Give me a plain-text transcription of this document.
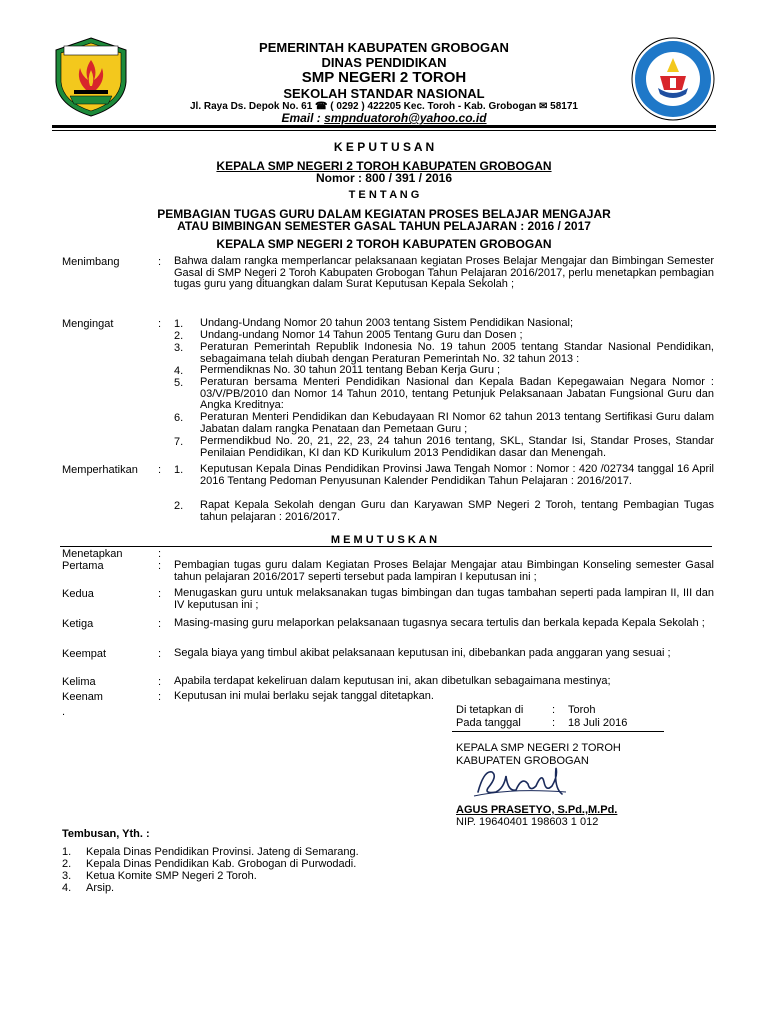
PEMERINTAH KABUPATEN GROBOGAN
DINAS PENDIDIKAN
SMP NEGERI 2 TOROH
SEKOLAH STANDAR NASIONAL
Jl. Raya Ds. Depok No. 61 ☎ ( 0292 ) 422205 Kec. Toroh - Kab. Grobogan ✉ 58171
Email : smpnduatoroh@yahoo.co.id
K E P U T U S A N
KEPALA SMP NEGERI 2 TOROH KABUPATEN GROBOGAN
Nomor : 800 / 391 / 2016
T E N T A N G
PEMBAGIAN TUGAS GURU DALAM KEGIATAN PROSES BELAJAR MENGAJAR
ATAU BIMBINGAN SEMESTER GASAL TAHUN PELAJARAN : 2016 / 2017
KEPALA SMP NEGERI 2 TOROH KABUPATEN GROBOGAN
Menimbang	: Bahwa dalam rangka memperlancar pelaksanaan kegiatan Proses Belajar Mengajar dan Bimbingan Semester Gasal di SMP Negeri 2 Toroh Kabupaten Grobogan Tahun Pelajaran 2016/2017, perlu menetapkan pembagian tugas guru yang dituangkan dalam Surat Keputusan Kepala Sekolah ;
Mengingat	: 1. Undang-Undang Nomor 20 tahun 2003 tentang Sistem Pendidikan Nasional;
2. Undang-undang Nomor 14 Tahun 2005 Tentang Guru dan Dosen ;
3. Peraturan Pemerintah Republik Indonesia No. 19 tahun 2005 tentang Standar Nasional Pendidikan, sebagaimana telah diubah dengan Peraturan Pemerintah No. 32 tahun 2013 :
4. Permendiknas No. 30 tahun 2011 tentang Beban Kerja Guru ;
5. Peraturan bersama Menteri Pendidikan Nasional dan Kepala Badan Kepegawaian Negara Nomor : 03/V/PB/2010 dan Nomor 14 Tahun 2010, tentang Petunjuk Pelaksanaan Jabatan Fungsional Guru dan Angka Kreditnya:
6. Peraturan Menteri Pendidikan dan Kebudayaan RI Nomor 62 tahun 2013 tentang Sertifikasi Guru dalam Jabatan dalam rangka Penataan dan Pemetaan Guru ;
7. Permendikbud No. 20, 21, 22, 23, 24 tahun 2016 tentang, SKL, Standar Isi, Standar Proses, Standar Penilaian Pendidikan, KI dan KD Kurikulum 2013 Pendidikan dasar dan Menengah.
Memperhatikan : 1. Keputusan Kepala Dinas Pendidikan Provinsi Jawa Tengah Nomor : Nomor : 420 /02734 tanggal 16 April 2016 Tentang Pedoman Penyusunan Kalender Pendidikan Tahun Pelajaran : 2016/2017.
2. Rapat Kepala Sekolah dengan Guru dan Karyawan SMP Negeri 2 Toroh, tentang Pembagian Tugas tahun pelajaran : 2016/2017.
M E M U T U S K A N
Menetapkan	:
Pertama	: Pembagian tugas guru dalam Kegiatan Proses Belajar Mengajar atau Bimbingan Konseling semester Gasal tahun pelajaran 2016/2017 seperti tersebut pada lampiran I keputusan ini ;
Kedua	: Menugaskan guru untuk melaksanakan tugas bimbingan dan tugas tambahan seperti pada lampiran II, III dan IV keputusan ini ;
Ketiga	: Masing-masing guru melaporkan pelaksanaan tugasnya secara tertulis dan berkala kepada Kepala Sekolah ;
Keempat	: Segala biaya yang timbul akibat pelaksanaan keputusan ini, dibebankan pada anggaran yang sesuai ;
Kelima	: Apabila terdapat kekeliruan dalam keputusan ini, akan dibetulkan sebagaimana mestinya;
Keenam	: Keputusan ini mulai berlaku sejak tanggal ditetapkan.
.	Di tetapkan di	: Toroh
Pada tanggal	: 18 Juli 2016
KEPALA SMP NEGERI 2 TOROH
KABUPATEN GROBOGAN
AGUS PRASETYO, S.Pd.,M.Pd.
NIP. 19640401 198603 1 012
Tembusan, Yth. :
1. Kepala Dinas Pendidikan Provinsi. Jateng di Semarang.
2. Kepala Dinas Pendidikan Kab. Grobogan di Purwodadi.
3. Ketua Komite SMP Negeri 2 Toroh.
4. Arsip.
